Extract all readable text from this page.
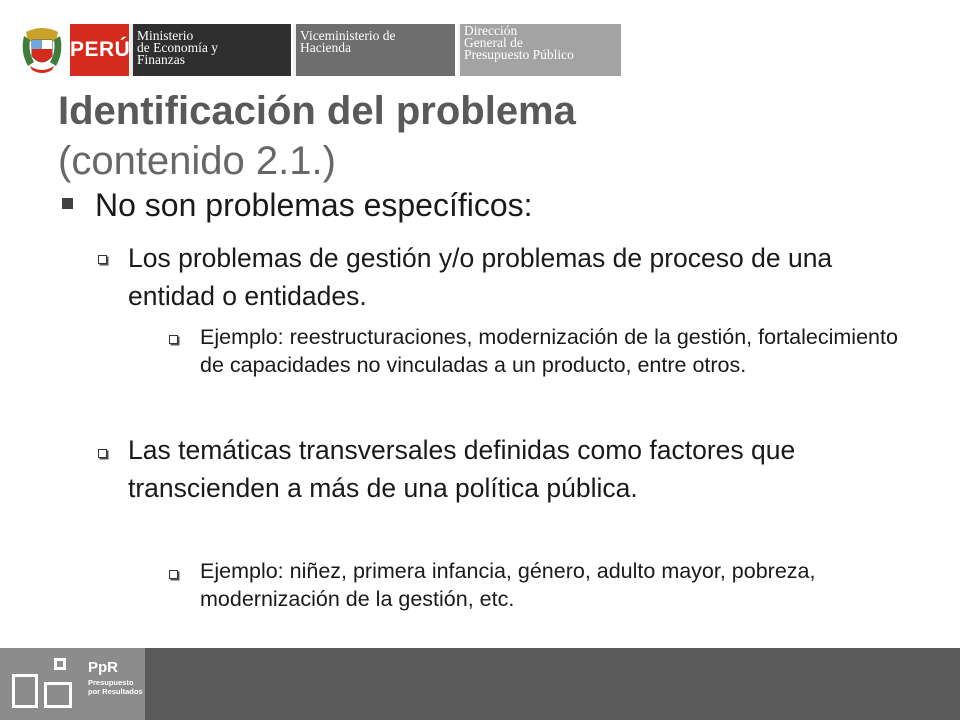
PERÚ
Ministerio
de Economía y
Finanzas
Viceministerio de
Hacienda
Dirección
General de
Presupuesto Público
Identificación del problema
(contenido 2.1.)
No son problemas específicos:
Los problemas de gestión y/o problemas de proceso de una entidad o entidades.
Ejemplo: reestructuraciones, modernización de la gestión, fortalecimiento de capacidades no vinculadas a un producto, entre otros.
Las temáticas transversales definidas como factores que transcienden a más de una política pública.
Ejemplo: niñez, primera infancia, género, adulto mayor, pobreza, modernización de la gestión, etc.
PpR
Presupuesto
por Resultados
